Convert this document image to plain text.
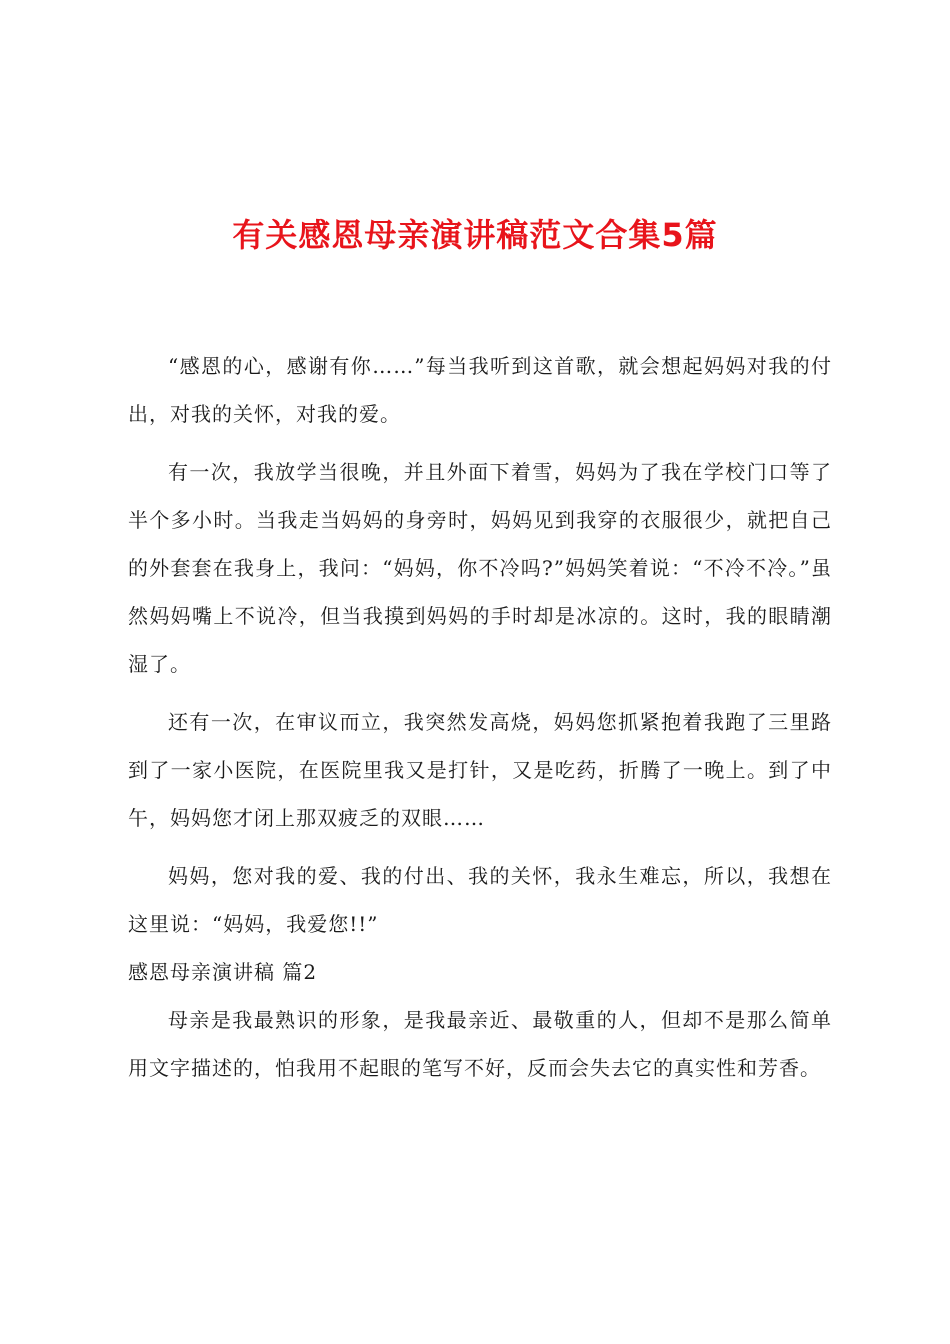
有关感恩母亲演讲稿范文合集5篇

“感恩的心，感谢有你……”每当我听到这首歌，就会想起妈妈对我的付出，对我的关怀，对我的爱。

有一次，我放学当很晚，并且外面下着雪，妈妈为了我在学校门口等了半个多小时。当我走当妈妈的身旁时，妈妈见到我穿的衣服很少，就把自己的外套套在我身上，我问：“妈妈，你不冷吗?”妈妈笑着说：“不冷不冷。”虽然妈妈嘴上不说冷，但当我摸到妈妈的手时却是冰凉的。这时，我的眼睛潮湿了。

还有一次，在审议而立，我突然发高烧，妈妈您抓紧抱着我跑了三里路到了一家小医院，在医院里我又是打针，又是吃药，折腾了一晚上。到了中午，妈妈您才闭上那双疲乏的双眼……

妈妈，您对我的爱、我的付出、我的关怀，我永生难忘，所以，我想在这里说：“妈妈，我爱您!!”

感恩母亲演讲稿 篇2

母亲是我最熟识的形象，是我最亲近、最敬重的人，但却不是那么简单用文字描述的，怕我用不起眼的笔写不好，反而会失去它的真实性和芳香。
